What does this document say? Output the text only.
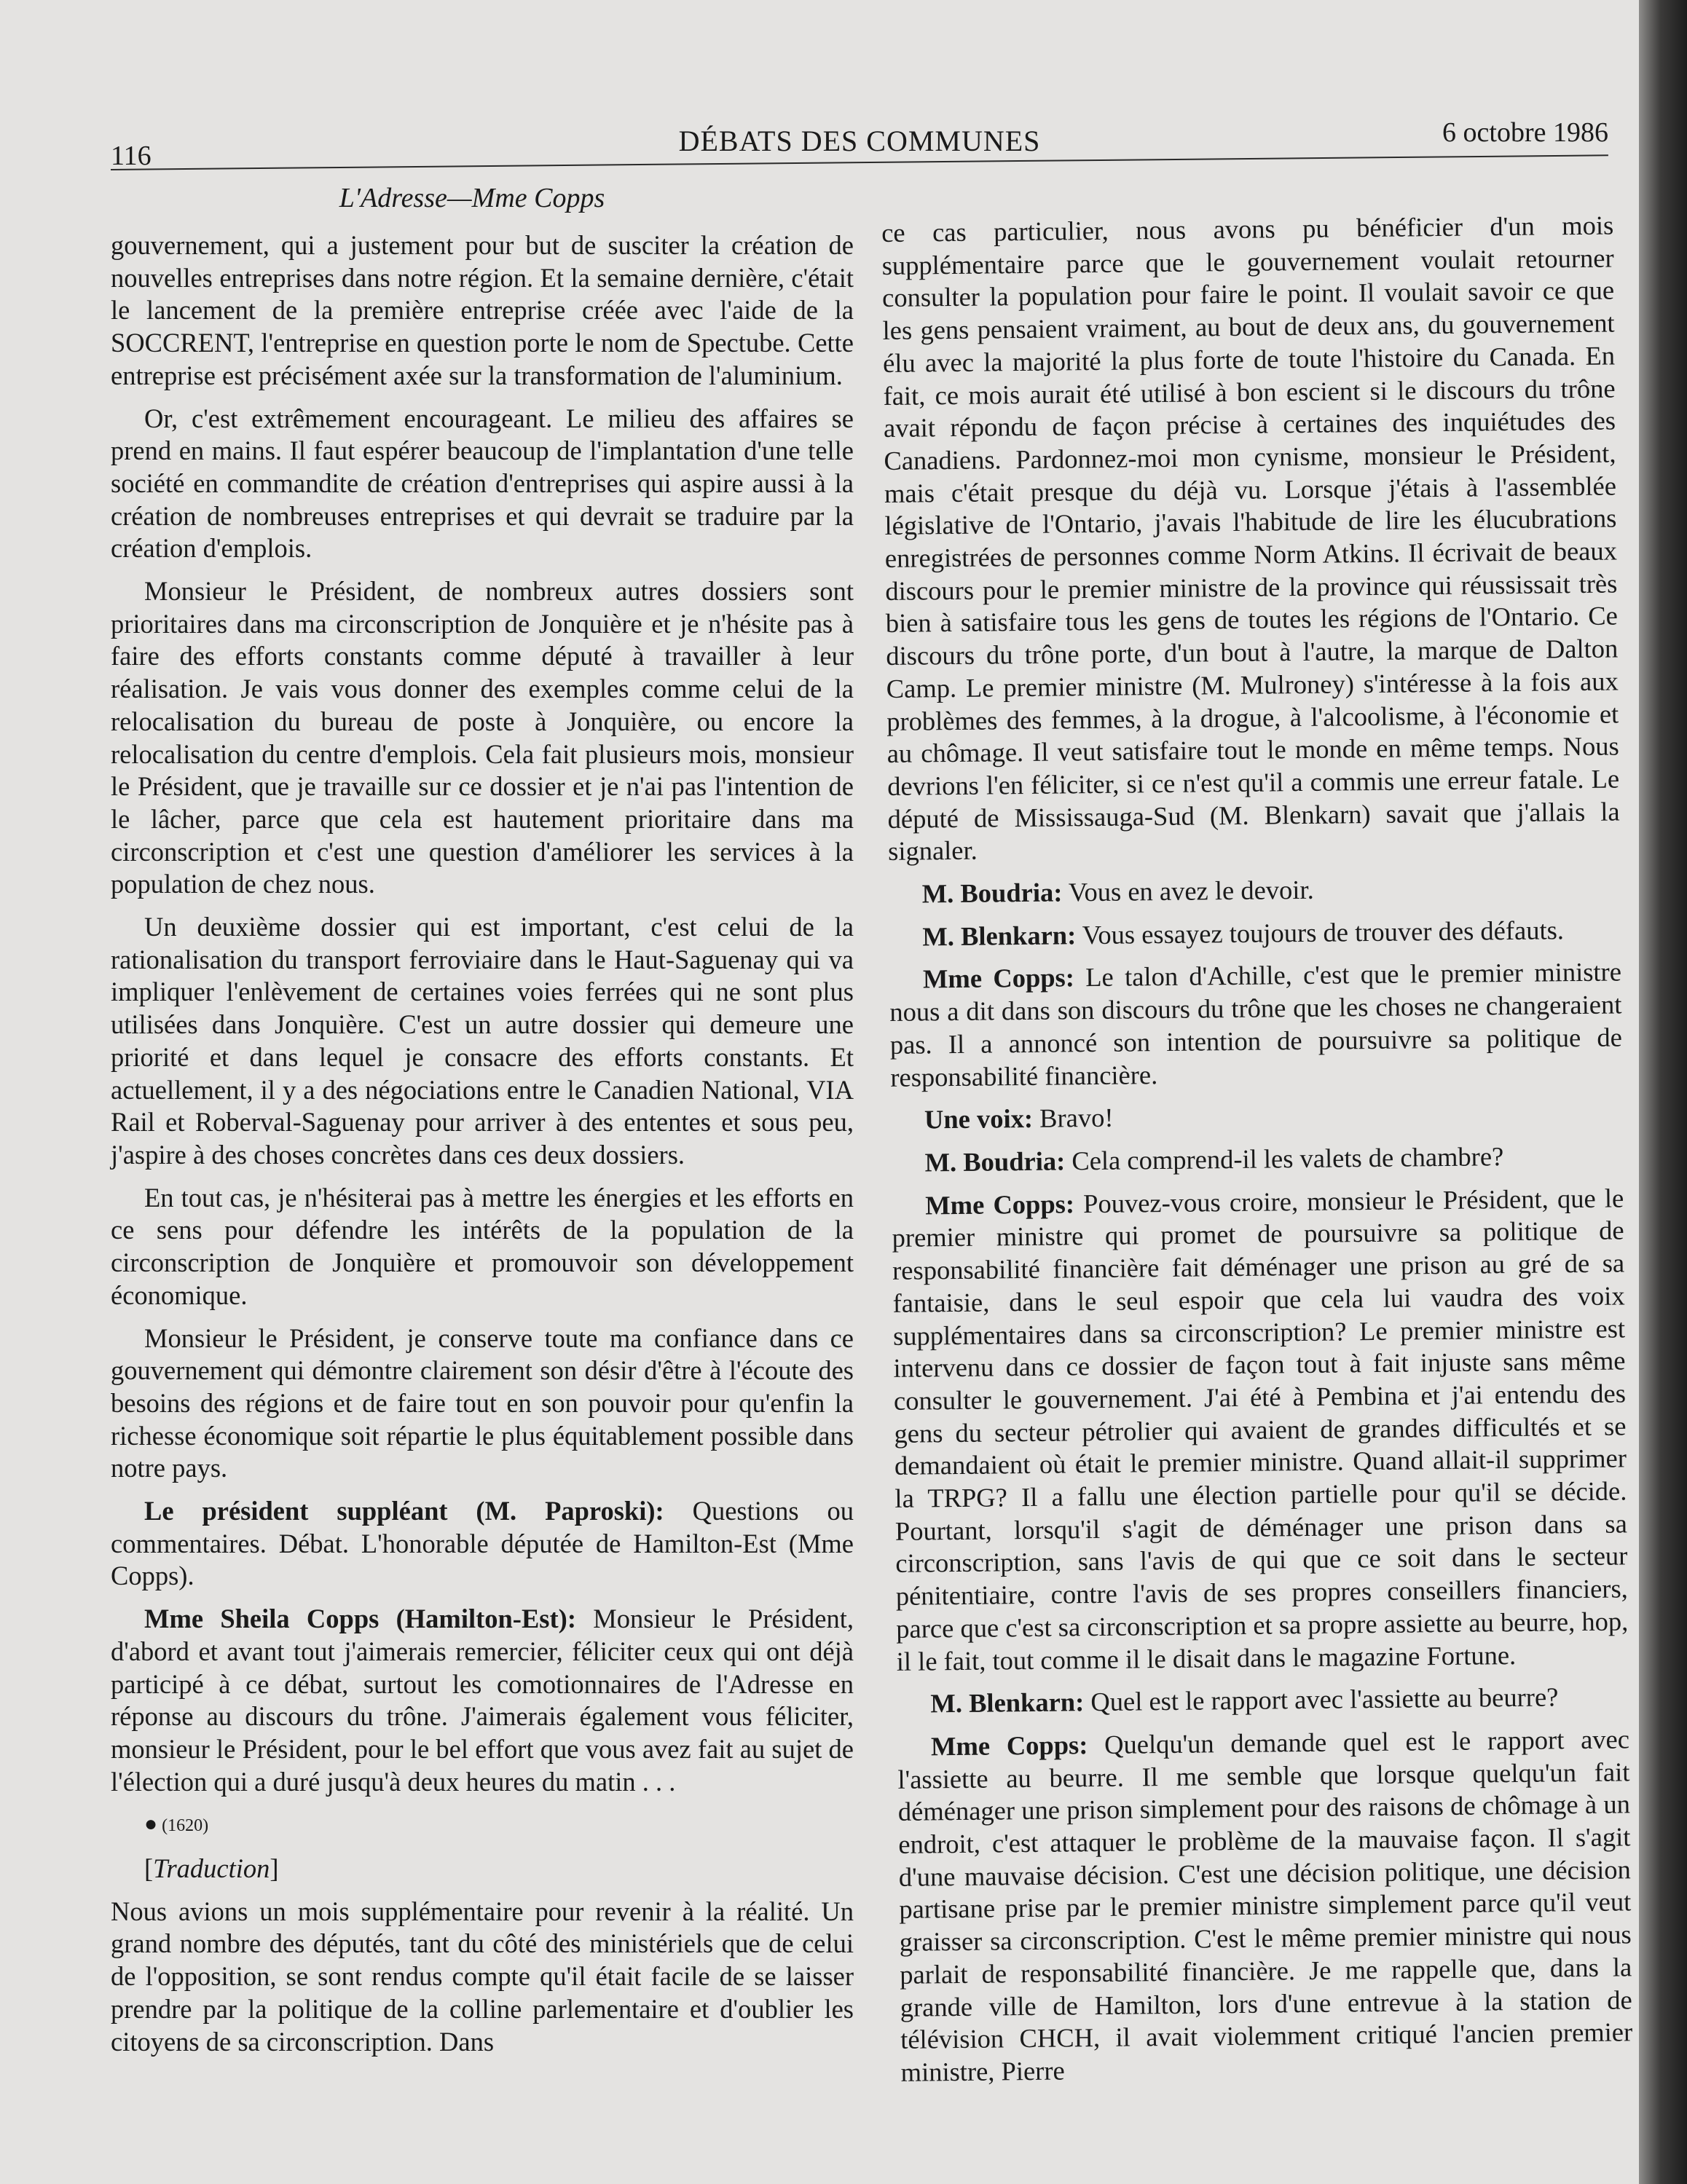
116	DÉBATS DES COMMUNES	6 octobre 1986
L'Adresse—Mme Copps

gouvernement, qui a justement pour but de susciter la création de nouvelles entreprises dans notre région. Et la semaine dernière, c'était le lancement de la première entreprise créée avec l'aide de la SOCCRENT, l'entreprise en question porte le nom de Spectube. Cette entreprise est précisément axée sur la transformation de l'aluminium.

Or, c'est extrêmement encourageant. Le milieu des affaires se prend en mains. Il faut espérer beaucoup de l'implantation d'une telle société en commandite de création d'entreprises qui aspire aussi à la création de nombreuses entreprises et qui devrait se traduire par la création d'emplois.

Monsieur le Président, de nombreux autres dossiers sont prioritaires dans ma circonscription de Jonquière et je n'hésite pas à faire des efforts constants comme député à travailler à leur réalisation. Je vais vous donner des exemples comme celui de la relocalisation du bureau de poste à Jonquière, ou encore la relocalisation du centre d'emplois. Cela fait plusieurs mois, monsieur le Président, que je travaille sur ce dossier et je n'ai pas l'intention de le lâcher, parce que cela est hautement prioritaire dans ma circonscription et c'est une question d'améliorer les services à la population de chez nous.

Un deuxième dossier qui est important, c'est celui de la rationalisation du transport ferroviaire dans le Haut-Saguenay qui va impliquer l'enlèvement de certaines voies ferrées qui ne sont plus utilisées dans Jonquière. C'est un autre dossier qui demeure une priorité et dans lequel je consacre des efforts constants. Et actuellement, il y a des négociations entre le Canadien National, VIA Rail et Roberval-Saguenay pour arriver à des ententes et sous peu, j'aspire à des choses concrètes dans ces deux dossiers.

En tout cas, je n'hésiterai pas à mettre les énergies et les efforts en ce sens pour défendre les intérêts de la population de la circonscription de Jonquière et promouvoir son développement économique.

Monsieur le Président, je conserve toute ma confiance dans ce gouvernement qui démontre clairement son désir d'être à l'écoute des besoins des régions et de faire tout en son pouvoir pour qu'enfin la richesse économique soit répartie le plus équitablement possible dans notre pays.

Le président suppléant (M. Paproski): Questions ou commentaires. Débat. L'honorable députée de Hamilton-Est (Mme Copps).

Mme Sheila Copps (Hamilton-Est): Monsieur le Président, d'abord et avant tout j'aimerais remercier, féliciter ceux qui ont déjà participé à ce débat, surtout les comotionnaires de l'Adresse en réponse au discours du trône. J'aimerais également vous féliciter, monsieur le Président, pour le bel effort que vous avez fait au sujet de l'élection qui a duré jusqu'à deux heures du matin . . .

● (1620)

[Traduction]

Nous avions un mois supplémentaire pour revenir à la réalité. Un grand nombre des députés, tant du côté des ministériels que de celui de l'opposition, se sont rendus compte qu'il était facile de se laisser prendre par la politique de la colline parlementaire et d'oublier les citoyens de sa circonscription. Dans

ce cas particulier, nous avons pu bénéficier d'un mois supplémentaire parce que le gouvernement voulait retourner consulter la population pour faire le point. Il voulait savoir ce que les gens pensaient vraiment, au bout de deux ans, du gouvernement élu avec la majorité la plus forte de toute l'histoire du Canada. En fait, ce mois aurait été utilisé à bon escient si le discours du trône avait répondu de façon précise à certaines des inquiétudes des Canadiens. Pardonnez-moi mon cynisme, monsieur le Président, mais c'était presque du déjà vu. Lorsque j'étais à l'assemblée législative de l'Ontario, j'avais l'habitude de lire les élucubrations enregistrées de personnes comme Norm Atkins. Il écrivait de beaux discours pour le premier ministre de la province qui réussissait très bien à satisfaire tous les gens de toutes les régions de l'Ontario. Ce discours du trône porte, d'un bout à l'autre, la marque de Dalton Camp. Le premier ministre (M. Mulroney) s'intéresse à la fois aux problèmes des femmes, à la drogue, à l'alcoolisme, à l'économie et au chômage. Il veut satisfaire tout le monde en même temps. Nous devrions l'en féliciter, si ce n'est qu'il a commis une erreur fatale. Le député de Mississauga-Sud (M. Blenkarn) savait que j'allais la signaler.

M. Boudria: Vous en avez le devoir.

M. Blenkarn: Vous essayez toujours de trouver des défauts.

Mme Copps: Le talon d'Achille, c'est que le premier ministre nous a dit dans son discours du trône que les choses ne changeraient pas. Il a annoncé son intention de poursuivre sa politique de responsabilité financière.

Une voix: Bravo!

M. Boudria: Cela comprend-il les valets de chambre?

Mme Copps: Pouvez-vous croire, monsieur le Président, que le premier ministre qui promet de poursuivre sa politique de responsabilité financière fait déménager une prison au gré de sa fantaisie, dans le seul espoir que cela lui vaudra des voix supplémentaires dans sa circonscription? Le premier ministre est intervenu dans ce dossier de façon tout à fait injuste sans même consulter le gouvernement. J'ai été à Pembina et j'ai entendu des gens du secteur pétrolier qui avaient de grandes difficultés et se demandaient où était le premier ministre. Quand allait-il supprimer la TRPG? Il a fallu une élection partielle pour qu'il se décide. Pourtant, lorsqu'il s'agit de déménager une prison dans sa circonscription, sans l'avis de qui que ce soit dans le secteur pénitentiaire, contre l'avis de ses propres conseillers financiers, parce que c'est sa circonscription et sa propre assiette au beurre, hop, il le fait, tout comme il le disait dans le magazine Fortune.

M. Blenkarn: Quel est le rapport avec l'assiette au beurre?

Mme Copps: Quelqu'un demande quel est le rapport avec l'assiette au beurre. Il me semble que lorsque quelqu'un fait déménager une prison simplement pour des raisons de chômage à un endroit, c'est attaquer le problème de la mauvaise façon. Il s'agit d'une mauvaise décision. C'est une décision politique, une décision partisane prise par le premier ministre simplement parce qu'il veut graisser sa circonscription. C'est le même premier ministre qui nous parlait de responsabilité financière. Je me rappelle que, dans la grande ville de Hamilton, lors d'une entrevue à la station de télévision CHCH, il avait violemment critiqué l'ancien premier ministre, Pierre
